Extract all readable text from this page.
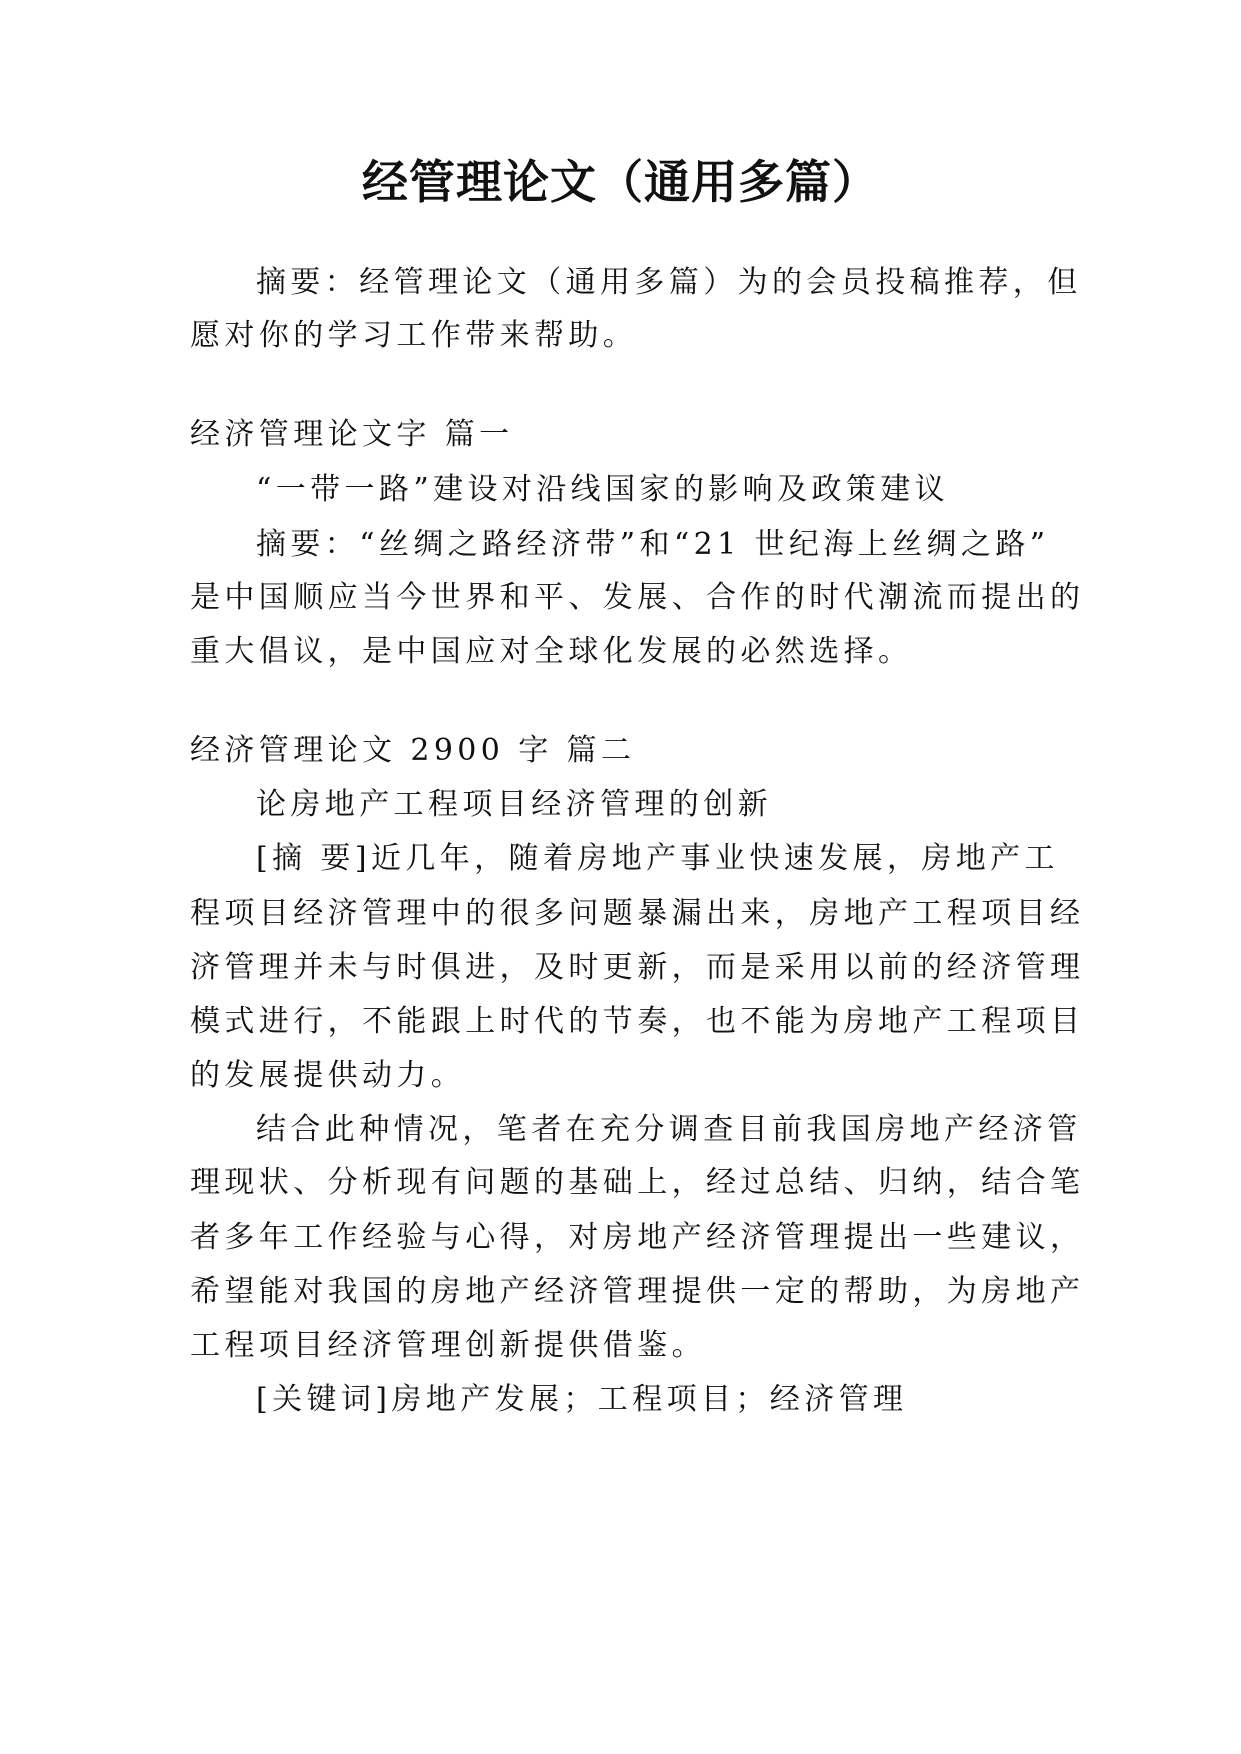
经管理论文（通用多篇）
摘要：经管理论文（通用多篇）为的会员投稿推荐，但
愿对你的学习工作带来帮助。
经济管理论文字 篇一
“一带一路”建设对沿线国家的影响及政策建议
摘要：“丝绸之路经济带”和“21 世纪海上丝绸之路”
是中国顺应当今世界和平、发展、合作的时代潮流而提出的
重大倡议，是中国应对全球化发展的必然选择。
经济管理论文 2900 字 篇二
论房地产工程项目经济管理的创新
[摘 要]近几年，随着房地产事业快速发展，房地产工
程项目经济管理中的很多问题暴漏出来，房地产工程项目经
济管理并未与时俱进，及时更新，而是采用以前的经济管理
模式进行，不能跟上时代的节奏，也不能为房地产工程项目
的发展提供动力。
结合此种情况，笔者在充分调查目前我国房地产经济管
理现状、分析现有问题的基础上，经过总结、归纳，结合笔
者多年工作经验与心得，对房地产经济管理提出一些建议，
希望能对我国的房地产经济管理提供一定的帮助，为房地产
工程项目经济管理创新提供借鉴。
[关键词]房地产发展；工程项目；经济管理
